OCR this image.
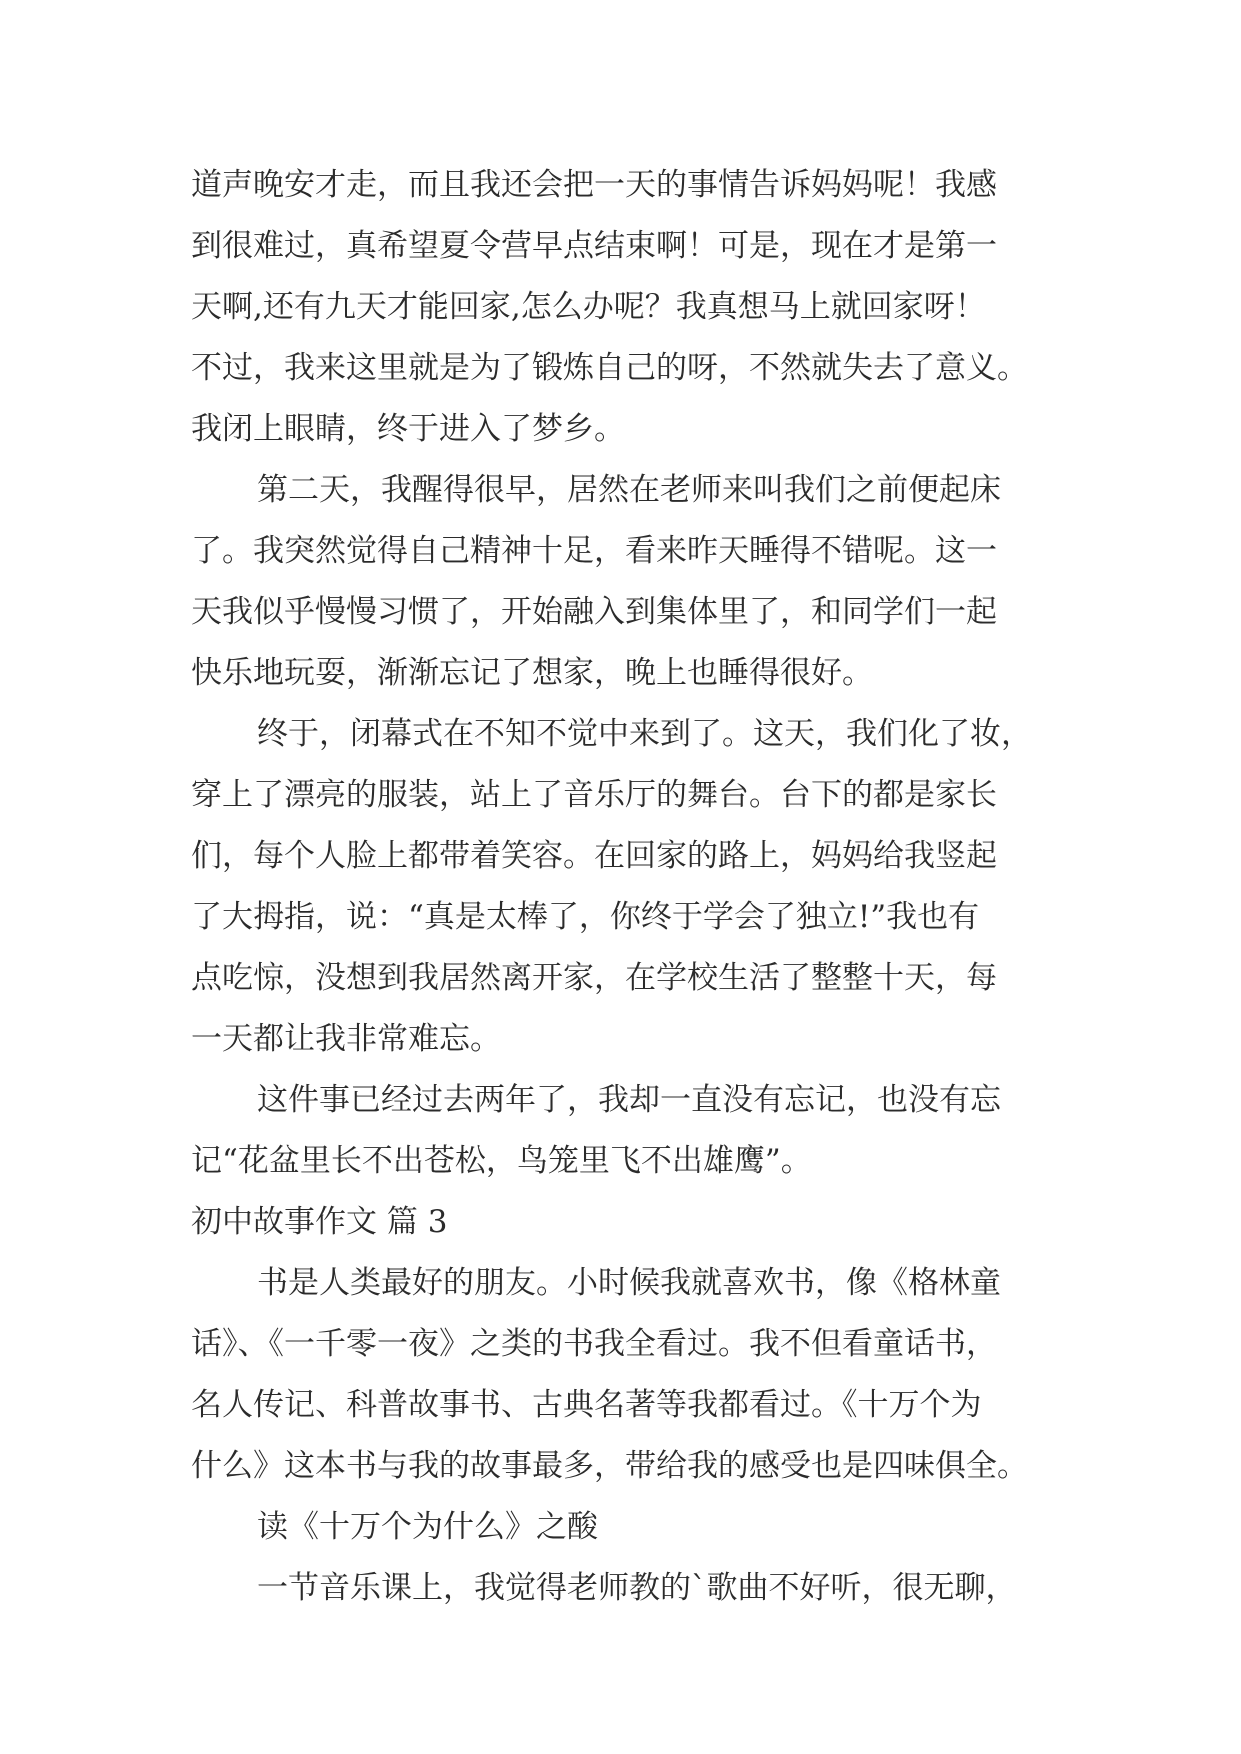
道声晚安才走，而且我还会把一天的事情告诉妈妈呢！我感
到很难过，真希望夏令营早点结束啊！可是，现在才是第一
天啊,还有九天才能回家,怎么办呢？我真想马上就回家呀！
不过，我来这里就是为了锻炼自己的呀，不然就失去了意义。
我闭上眼睛，终于进入了梦乡。
第二天，我醒得很早，居然在老师来叫我们之前便起床
了。我突然觉得自己精神十足，看来昨天睡得不错呢。这一
天我似乎慢慢习惯了，开始融入到集体里了，和同学们一起
快乐地玩耍，渐渐忘记了想家，晚上也睡得很好。
终于，闭幕式在不知不觉中来到了。这天，我们化了妆，
穿上了漂亮的服装，站上了音乐厅的舞台。台下的都是家长
们，每个人脸上都带着笑容。在回家的路上，妈妈给我竖起
了大拇指，说：“真是太棒了，你终于学会了独立!”我也有
点吃惊，没想到我居然离开家，在学校生活了整整十天，每
一天都让我非常难忘。
这件事已经过去两年了，我却一直没有忘记，也没有忘
记“花盆里长不出苍松，鸟笼里飞不出雄鹰”。
初中故事作文 篇 3
书是人类最好的朋友。小时候我就喜欢书，像《格林童
话》、《一千零一夜》之类的书我全看过。我不但看童话书，
名人传记、科普故事书、古典名著等我都看过。《十万个为
什么》这本书与我的故事最多，带给我的感受也是四味俱全。
读《十万个为什么》之酸
一节音乐课上，我觉得老师教的`歌曲不好听，很无聊，
